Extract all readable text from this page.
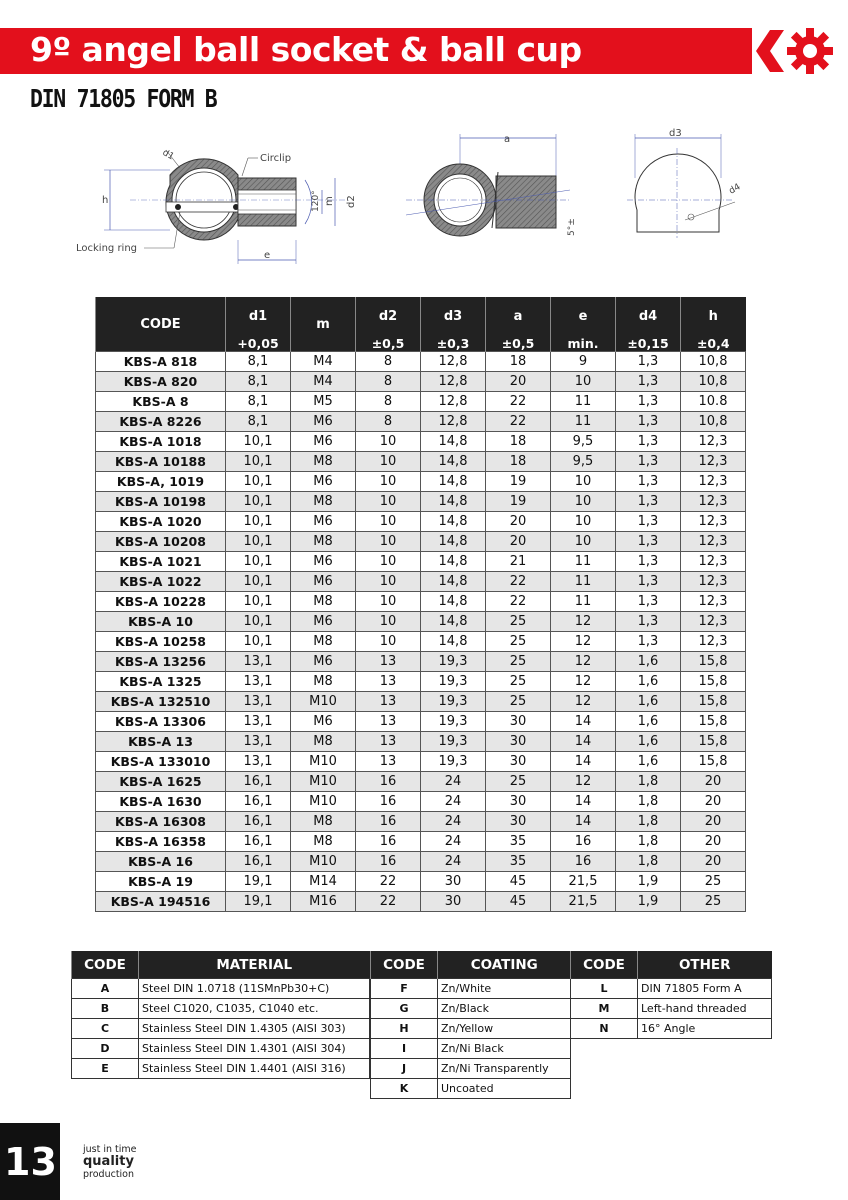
9º angel ball socket & ball cup
DIN 71805 FORM B
d1	Circlip
h	120° m d2
Locking ring
e
a
5°±
d3
d4
CODE	d1	m	d2	d3	a	e	d4	h
	+0,05		±0,5	±0,3	±0,5	min.	±0,15	±0,4
KBS-A 818	8,1	M4	8	12,8	18	9	1,3	10,8
KBS-A 820	8,1	M4	8	12,8	20	10	1,3	10,8
KBS-A 8	8,1	M5	8	12,8	22	11	1,3	10.8
KBS-A 8226	8,1	M6	8	12,8	22	11	1,3	10,8
KBS-A 1018	10,1	M6	10	14,8	18	9,5	1,3	12,3
KBS-A 10188	10,1	M8	10	14,8	18	9,5	1,3	12,3
KBS-A, 1019	10,1	M6	10	14,8	19	10	1,3	12,3
KBS-A 10198	10,1	M8	10	14,8	19	10	1,3	12,3
KBS-A 1020	10,1	M6	10	14,8	20	10	1,3	12,3
KBS-A 10208	10,1	M8	10	14,8	20	10	1,3	12,3
KBS-A 1021	10,1	M6	10	14,8	21	11	1,3	12,3
KBS-A 1022	10,1	M6	10	14,8	22	11	1,3	12,3
KBS-A 10228	10,1	M8	10	14,8	22	11	1,3	12,3
KBS-A 10	10,1	M6	10	14,8	25	12	1,3	12,3
KBS-A 10258	10,1	M8	10	14,8	25	12	1,3	12,3
KBS-A 13256	13,1	M6	13	19,3	25	12	1,6	15,8
KBS-A 1325	13,1	M8	13	19,3	25	12	1,6	15,8
KBS-A 132510	13,1	M10	13	19,3	25	12	1,6	15,8
KBS-A 13306	13,1	M6	13	19,3	30	14	1,6	15,8
KBS-A 13	13,1	M8	13	19,3	30	14	1,6	15,8
KBS-A 133010	13,1	M10	13	19,3	30	14	1,6	15,8
KBS-A 1625	16,1	M10	16	24	25	12	1,8	20
KBS-A 1630	16,1	M10	16	24	30	14	1,8	20
KBS-A 16308	16,1	M8	16	24	30	14	1,8	20
KBS-A 16358	16,1	M8	16	24	35	16	1,8	20
KBS-A 16	16,1	M10	16	24	35	16	1,8	20
KBS-A 19	19,1	M14	22	30	45	21,5	1,9	25
KBS-A 194516	19,1	M16	22	30	45	21,5	1,9	25
CODE	MATERIAL
A	Steel DIN 1.0718 (11SMnPb30+C)
B	Steel C1020, C1035, C1040 etc.
C	Stainless Steel DIN 1.4305 (AISI 303)
D	Stainless Steel DIN 1.4301 (AISI 304)
E	Stainless Steel DIN 1.4401 (AISI 316)
CODE	COATING
F	Zn/White
G	Zn/Black
H	Zn/Yellow
I	Zn/Ni Black
J	Zn/Ni Transparently
K	Uncoated
CODE	OTHER
L	DIN 71805 Form A
M	Left-hand threaded
N	16° Angle
13	just in time
quality
production
